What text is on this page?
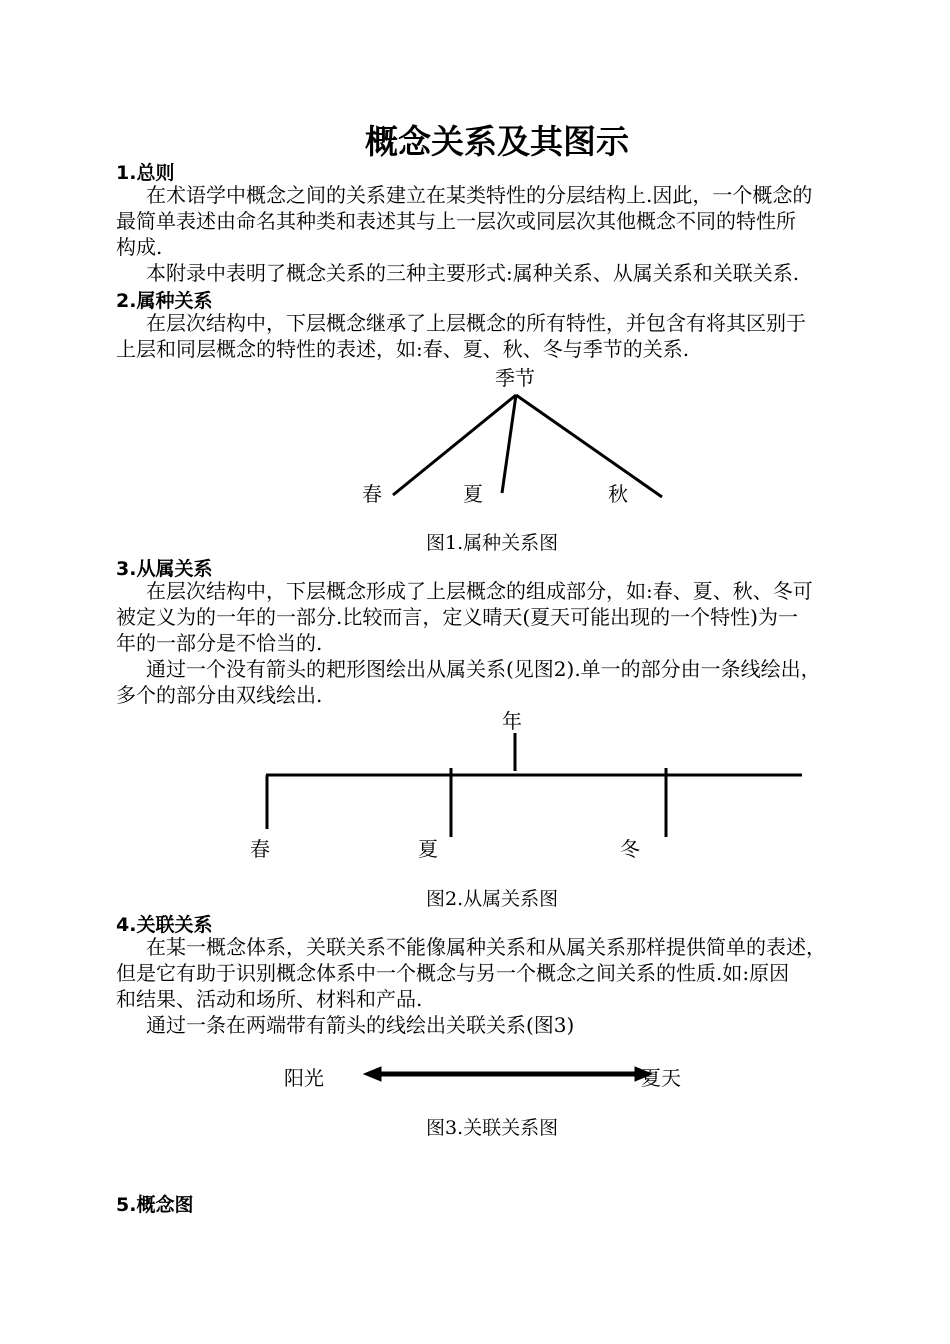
概念关系及其图示
1.总则
在术语学中概念之间的关系建立在某类特性的分层结构上.因此，一个概念的
最简单表述由命名其种类和表述其与上一层次或同层次其他概念不同的特性所
构成.
本附录中表明了概念关系的三种主要形式:属种关系、从属关系和关联关系.
2.属种关系
在层次结构中，下层概念继承了上层概念的所有特性，并包含有将其区别于
上层和同层概念的特性的表述，如:春、夏、秋、冬与季节的关系.
季节
春	夏	秋
图1.属种关系图
3.从属关系
在层次结构中，下层概念形成了上层概念的组成部分，如:春、夏、秋、冬可
被定义为的一年的一部分.比较而言，定义晴天(夏天可能出现的一个特性)为一
年的一部分是不恰当的.
通过一个没有箭头的耙形图绘出从属关系(见图2).单一的部分由一条线绘出，
多个的部分由双线绘出.
年
春	夏	冬
图2.从属关系图
4.关联关系
在某一概念体系，关联关系不能像属种关系和从属关系那样提供简单的表述，
但是它有助于识别概念体系中一个概念与另一个概念之间关系的性质.如:原因
和结果、活动和场所、材料和产品.
通过一条在两端带有箭头的线绘出关联关系(图3)
阳光	夏天
图3.关联关系图
5.概念图
